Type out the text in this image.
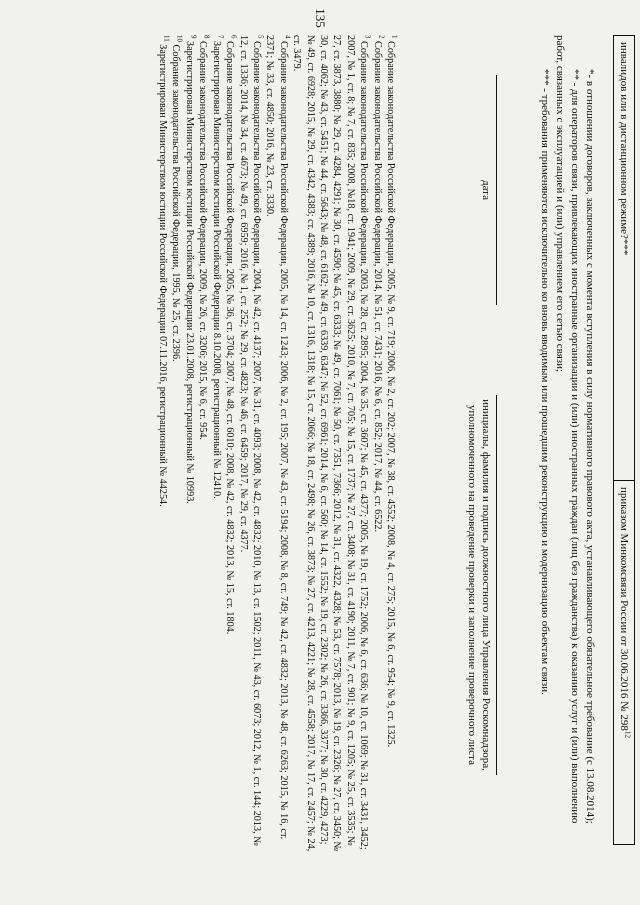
135
инвалидов или в дистанционном режиме?***	приказом Минкомсвязи России от 30.06.2016 № $298^{12}$

*- в отношении договоров, заключенных с момента вступления в силу нормативного правового акта, устанавливающего обязательное требование (с 13.08.2014);

** - для операторов связи, привлекающих иностранные организации и (или) иностранных граждан (лиц без гражданства) к оказанию услуг и (или) выполнению работ, связанных с эксплуатацией и (или) управлением его сетью связи;

*** - требования применяются исключительно ко вновь вводимым или прошедшим реконструкцию и модернизацию объектам связи.

дата
инициалы, фамилия и подпись должностного лица Управления Роскомнадзора, уполномоченного на проведение проверки и заполнение проверочного листа

$^1$ Собрание законодательства Российской Федерации, 2005, № 9, ст. 719; 2006, № 2, ст. 202; 2007, № 38, ст. 4552; 2008, № 4, ст. 275; 2015, № 6, ст. 954; № 9, ст. 1325.

$^2$ Собрание законодательства Российской Федерации, 2014, № 51, ст. 7431; 2016, № 6, ст. 852; 2017, № 44, ст. 6522.

$^3$ Собрание законодательства Российской Федерации, 2003, № 28, ст. 2895; 2004, № 35, ст. 3607; № 45, ст. 4377; 2005, № 19, ст. 1752; 2006, № 6, ст. 636; № 10, ст. 1069; № 31, ст. 3431, 3452; 2007, № 1, ст. 8; № 7, ст. 835; 2008, №18, ст. 1941; 2009, № 29, ст. 3625; 2010, № 7, ст. 705; № 15, ст. 1737; № 27, ст. 3408; № 31, ст. 4190; 2011, № 7, ст. 901; № 9, ст. 1205; № 25, ст. 3535; № 27, ст. 3873, 3880; № 29, ст. 4284, 4291; № 30, ст. 4590; № 45, ст. 6333; № 49, ст. 7061; № 50, ст. 7351, 7366; 2012, № 31, ст. 4322, 4328; № 53, ст. 7578; 2013, № 19, ст. 2326; № 27, ст. 3450; № 30, ст. 4062; № 43, ст. 5451; № 44, ст. 5643; № 48, ст. 6162; № 49, ст. 6339, 6347; № 52, ст. 6961; 2014, № 6, ст. 560; № 14, ст. 1552; № 19, ст. 2302; № 26, ст. 3366, 3377; № 30, ст. 4229, 4273; № 49, ст. 6928; 2015, № 29, ст. 4342, 4383; ст. 4389; 2016, № 10, ст. 1316, 1318; № 15, ст. 2066; № 18, ст. 2498; № 26, ст. 3873; № 27, ст. 4213, 4221; № 28, ст. 4558; 2017, № 17, ст. 2457; № 24, ст. 3479.

$^4$ Собрание законодательства Российской Федерации, 2005, № 14, ст. 1243; 2006, № 2, ст. 195; 2007, № 43, ст. 5194; 2008, № 8, ст. 749; № 42, ст. 4832; 2013, № 48, ст. 6263; 2015, № 16, ст. 2371; № 33, ст. 4850; 2016, № 23, ст. 3330.

$^5$ Собрание законодательства Российской Федерации, 2004, № 42, ст. 4137; 2007, № 31, ст. 4093; 2008, № 42, ст. 4832; 2010, № 13, ст. 1502; 2011, № 43, ст. 6073; 2012, № 1, ст. 144; 2013, № 12, ст. 1336; 2014, № 34, ст. 4673; № 49, ст. 6959; 2016, № 1, ст. 252; № 29, ст. 4823; № 46, ст. 6459; 2017, № 29, ст. 4377.

$^6$ Собрание законодательства Российской Федерации, 2005, № 36, ст. 3704; 2007, № 48, ст. 6010; 2008, № 42, ст. 4832; 2013, № 15, ст. 1804.

$^7$ Зарегистрирован Министерством юстиции Российской Федерации 8.10.2008, регистрационный № 12410.

$^8$ Собрание законодательства Российской Федерации, 2009, № 26, ст. 3206; 2015, № 6, ст. 954.

$^9$ Зарегистрирован Министерством юстиции Российской Федерации 23.01.2008, регистрационный № 10993.

$^{10}$ Собрание законодательства Российской Федерации, 1995, № 25, ст. 2396.

$^{11}$ Зарегистрирован Министерством юстиции Российской Федерации 07.11.2016, регистрационный № 44254.
